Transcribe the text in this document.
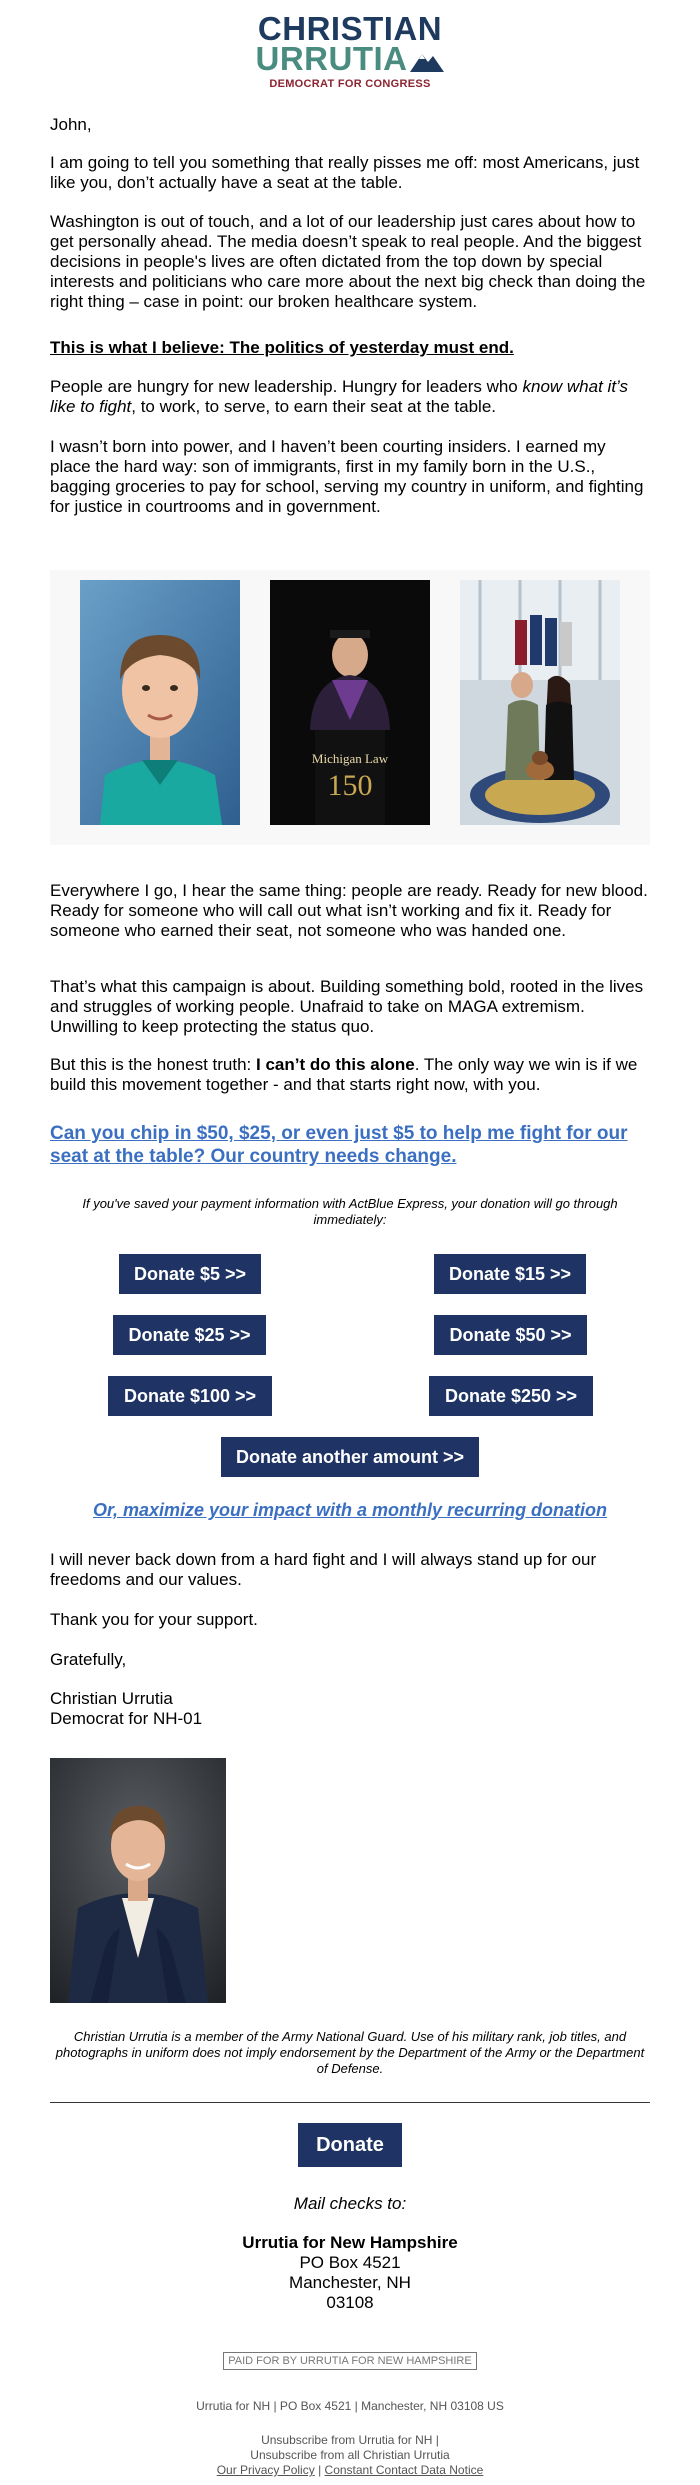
CHRISTIAN
URRUTIA
DEMOCRAT FOR CONGRESS

John,

I am going to tell you something that really pisses me off: most Americans, just like you, don’t actually have a seat at the table.

Washington is out of touch, and a lot of our leadership just cares about how to get personally ahead. The media doesn’t speak to real people. And the biggest decisions in people's lives are often dictated from the top down by special interests and politicians who care more about the next big check than doing the right thing – case in point: our broken healthcare system.

This is what I believe: The politics of yesterday must end.

People are hungry for new leadership. Hungry for leaders who know what it’s like to fight, to work, to serve, to earn their seat at the table.

I wasn’t born into power, and I haven’t been courting insiders. I earned my place the hard way: son of immigrants, first in my family born in the U.S., bagging groceries to pay for school, serving my country in uniform, and fighting for justice in courtrooms and in government.

Michigan Law
150

Everywhere I go, I hear the same thing: people are ready. Ready for new blood. Ready for someone who will call out what isn’t working and fix it. Ready for someone who earned their seat, not someone who was handed one.

That’s what this campaign is about. Building something bold, rooted in the lives and struggles of working people. Unafraid to take on MAGA extremism. Unwilling to keep protecting the status quo.

But this is the honest truth: I can’t do this alone. The only way we win is if we build this movement together - and that starts right now, with you.

Can you chip in $50, $25, or even just $5 to help me fight for our seat at the table? Our country needs change.
If you've saved your payment information with ActBlue Express, your donation will go through immediately:
Donate $5 >>	Donate $15 >>
Donate $25 >>	Donate $50 >>
Donate $100 >>	Donate $250 >>
Donate another amount >>
Or, maximize your impact with a monthly recurring donation

I will never back down from a hard fight and I will always stand up for our freedoms and our values.

Thank you for your support.

Gratefully,

Christian Urrutia

Democrat for NH-01

Christian Urrutia is a member of the Army National Guard. Use of his military rank, job titles, and photographs in uniform does not imply endorsement by the Department of the Army or the Department of Defense.
Donate
Mail checks to:

Urrutia for New Hampshire

PO Box 4521

Manchester, NH

03108

PAID FOR BY URRUTIA FOR NEW HAMPSHIRE
Urrutia for NH | PO Box 4521 | Manchester, NH 03108 US
Unsubscribe from Urrutia for NH |
Unsubscribe from all Christian Urrutia
Our Privacy Policy | Constant Contact Data Notice
